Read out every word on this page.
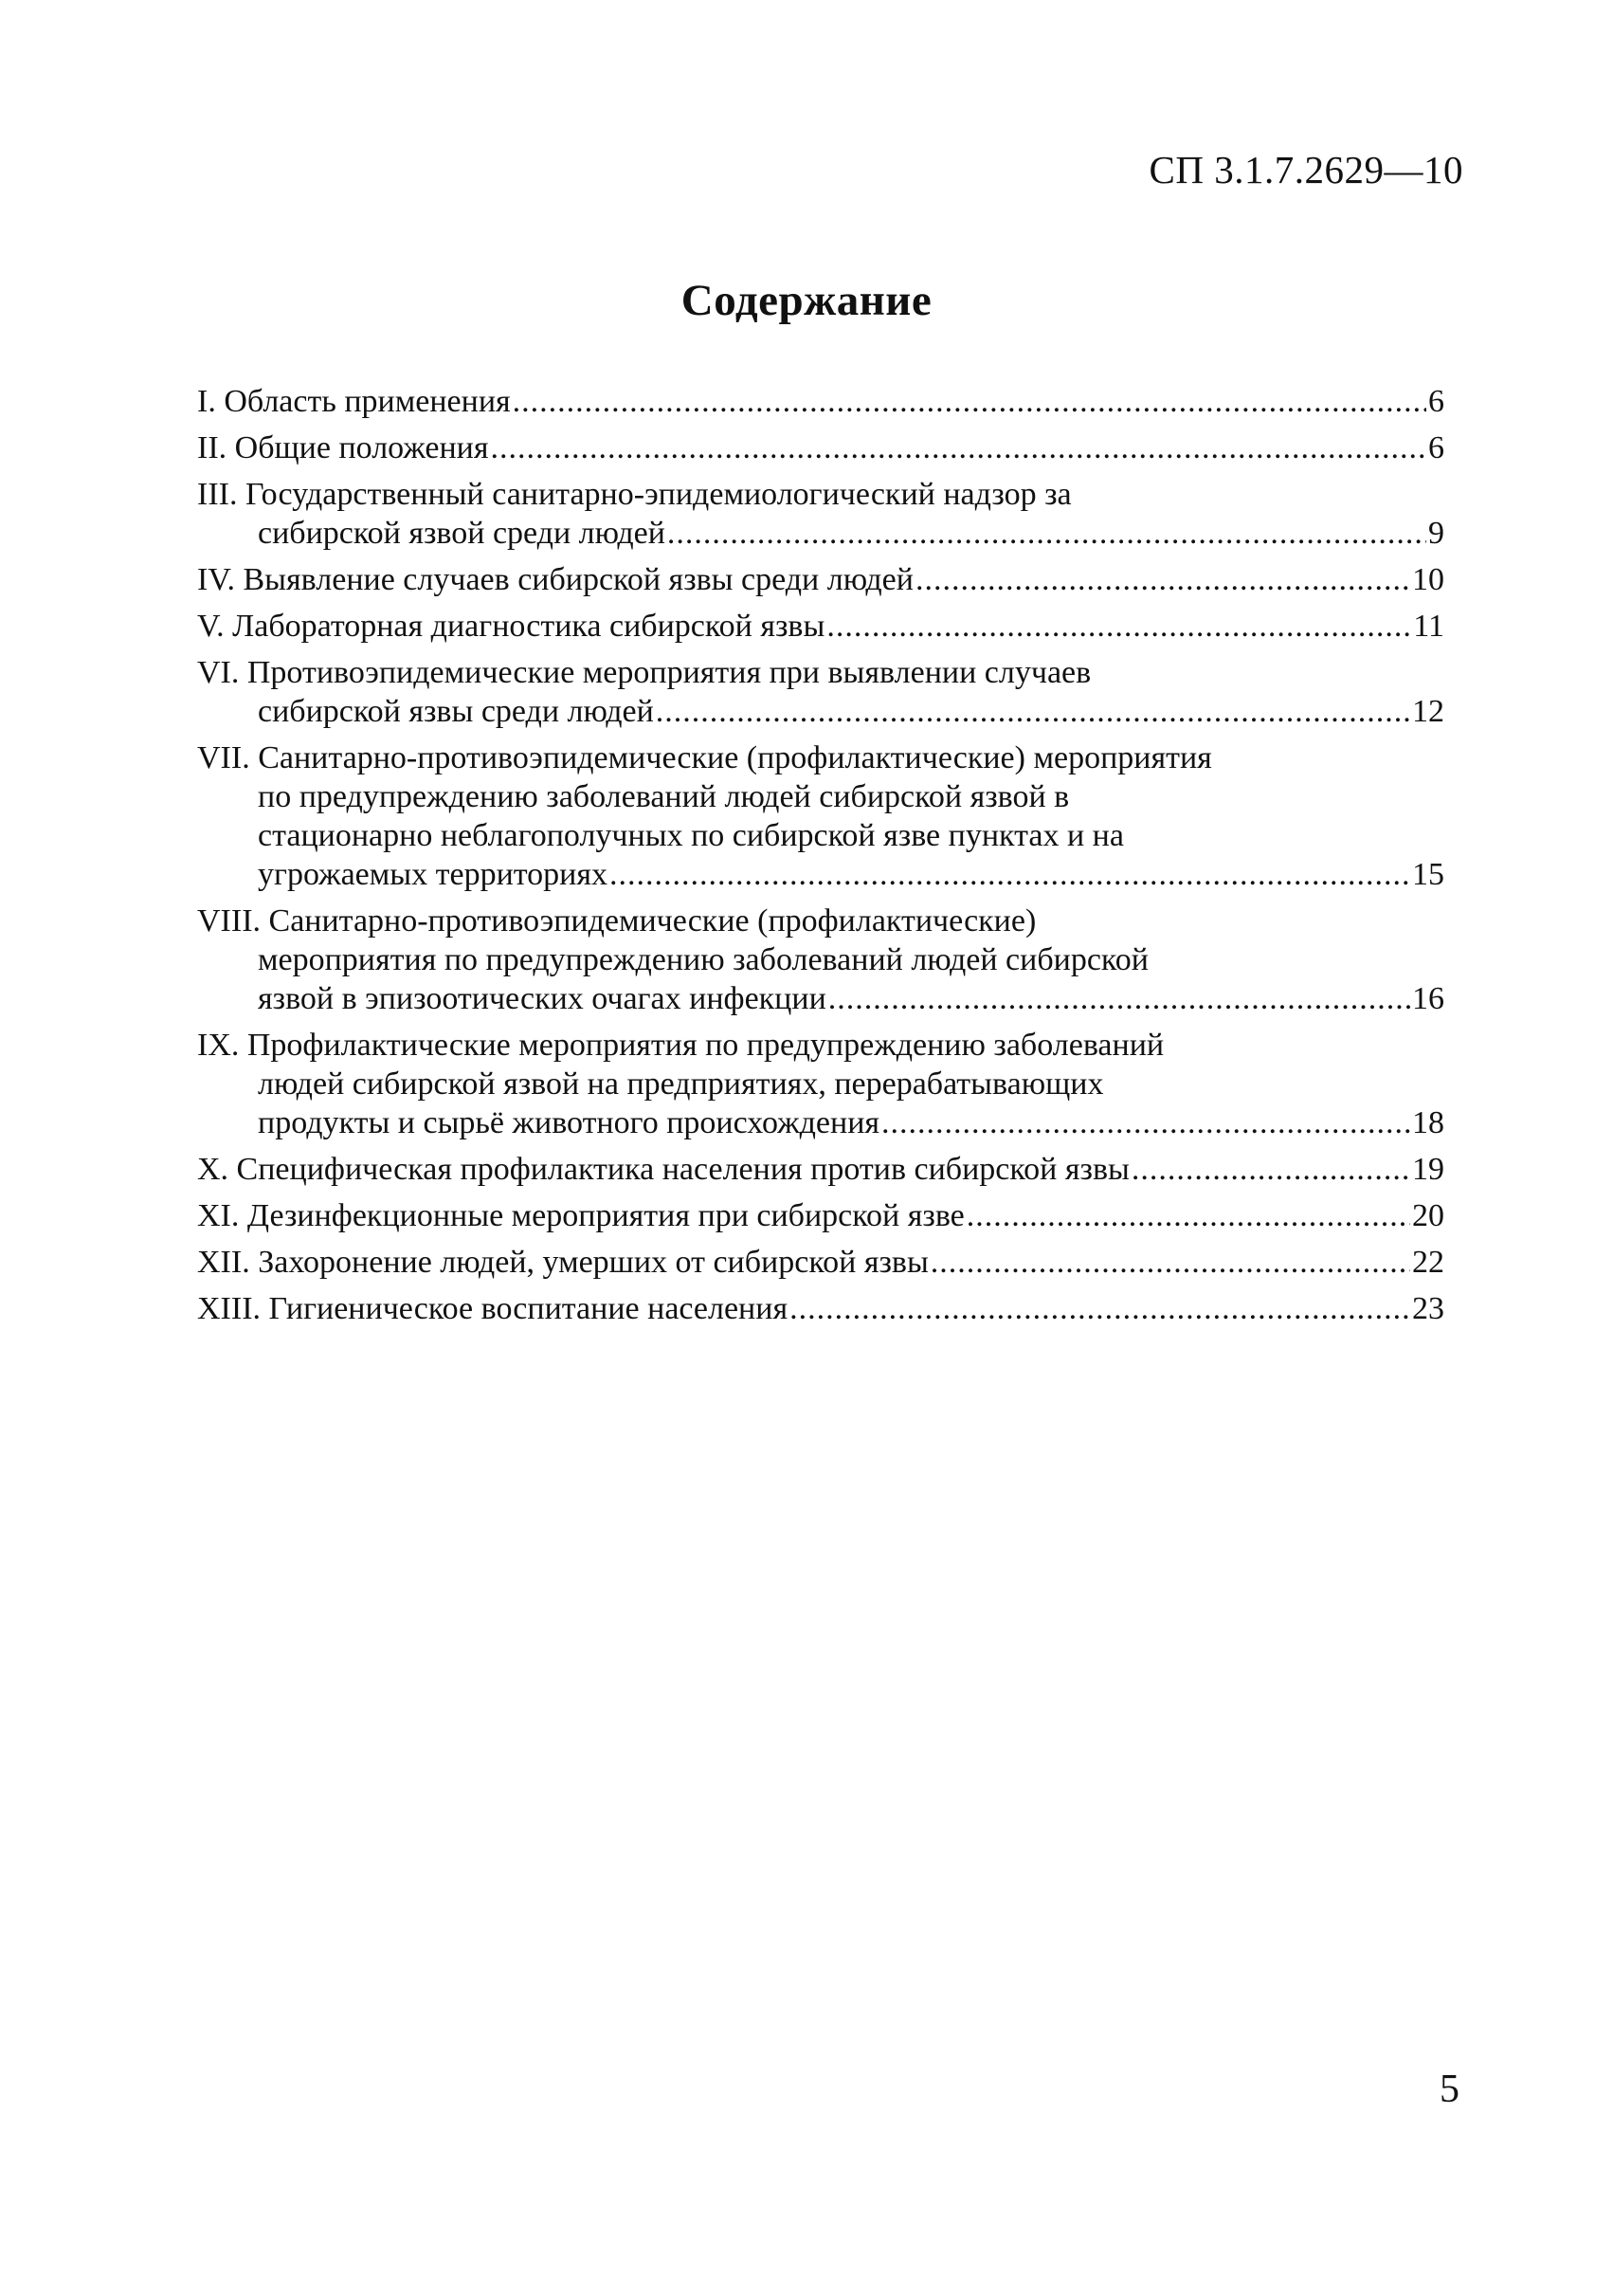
СП 3.1.7.2629—10
Содержание
I. Область применения .....	6
II. Общие положения .....	6
III. Государственный санитарно-эпидемиологический надзор за
сибирской язвой среди людей .....	9
IV. Выявление случаев сибирской язвы среди людей .....	10
V. Лабораторная диагностика сибирской язвы .....	11
VI. Противоэпидемические мероприятия при выявлении случаев
сибирской язвы среди людей .....	12
VII. Санитарно-противоэпидемические (профилактические) мероприятия
по предупреждению заболеваний людей сибирской язвой в
стационарно неблагополучных по сибирской язве пунктах и на
угрожаемых территориях .....	15
VIII. Санитарно-противоэпидемические (профилактические)
мероприятия по предупреждению заболеваний людей сибирской
язвой в эпизоотических очагах инфекции .....	16
IX. Профилактические мероприятия по предупреждению заболеваний
людей сибирской язвой на предприятиях, перерабатывающих
продукты и сырьё животного происхождения .....	18
X. Специфическая профилактика населения против сибирской язвы .....	19
XI. Дезинфекционные мероприятия при сибирской язве .....	20
XII. Захоронение людей, умерших от сибирской язвы .....	22
XIII. Гигиеническое воспитание населения .....	23
5
